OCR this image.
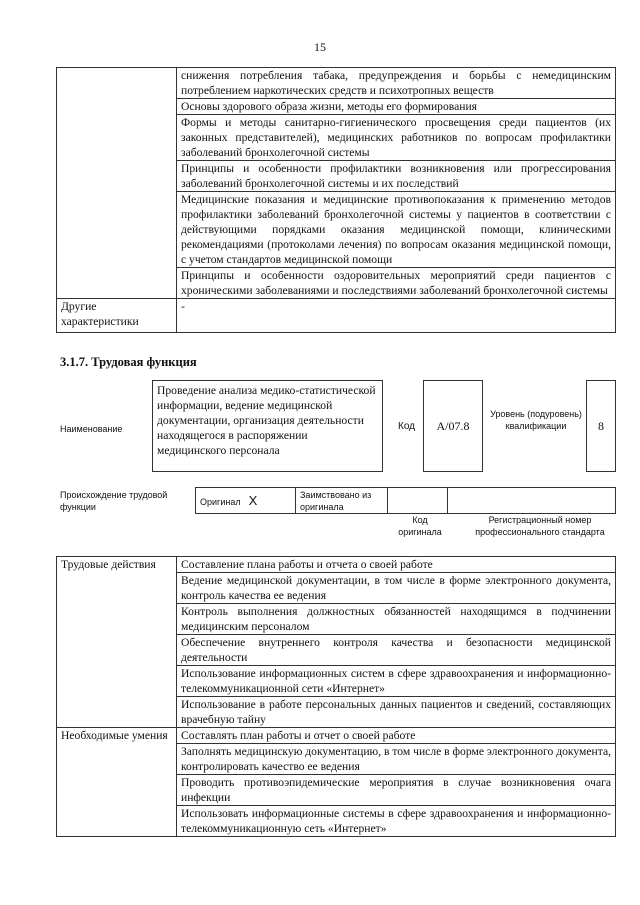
15
	снижения потребления табака, предупреждения и борьбы с немедицинским потреблением наркотических средств и психотропных веществ
	Основы здорового образа жизни, методы его формирования
	Формы и методы санитарно-гигиенического просвещения среди пациентов (их законных представителей), медицинских работников по вопросам профилактики заболеваний бронхолегочной системы
	Принципы и особенности профилактики возникновения или прогрессирования заболеваний бронхолегочной системы и их последствий
	Медицинские показания и медицинские противопоказания к применению методов профилактики заболеваний бронхолегочной системы у пациентов в соответствии с действующими порядками оказания медицинской помощи, клиническими рекомендациями (протоколами лечения) по вопросам оказания медицинской помощи, с учетом стандартов медицинской помощи
	Принципы и особенности оздоровительных мероприятий среди пациентов с хроническими заболеваниями и последствиями заболеваний бронхолегочной системы
Другие характеристики	-
3.1.7. Трудовая функция
Наименование
Проведение анализа медико-статистической информации, ведение медицинской документации, организация деятельности находящегося в распоряжении медицинского персонала
Код	A/07.8
Уровень (подуровень) квалификации	8
Происхождение трудовой функции
Оригинал X	Заимствовано из оригинала		
Код оригинала
Регистрационный номер профессионального стандарта
Трудовые действия	Составление плана работы и отчета о своей работе
	Ведение медицинской документации, в том числе в форме электронного документа, контроль качества ее ведения
	Контроль выполнения должностных обязанностей находящимся в подчинении медицинским персоналом
	Обеспечение внутреннего контроля качества и безопасности медицинской деятельности
	Использование информационных систем в сфере здравоохранения и информационно-телекоммуникационной сети «Интернет»
	Использование в работе персональных данных пациентов и сведений, составляющих врачебную тайну
Необходимые умения	Составлять план работы и отчет о своей работе
	Заполнять медицинскую документацию, в том числе в форме электронного документа, контролировать качество ее ведения
	Проводить противоэпидемические мероприятия в случае возникновения очага инфекции
	Использовать информационные системы в сфере здравоохранения и информационно-телекоммуникационную сеть «Интернет»
